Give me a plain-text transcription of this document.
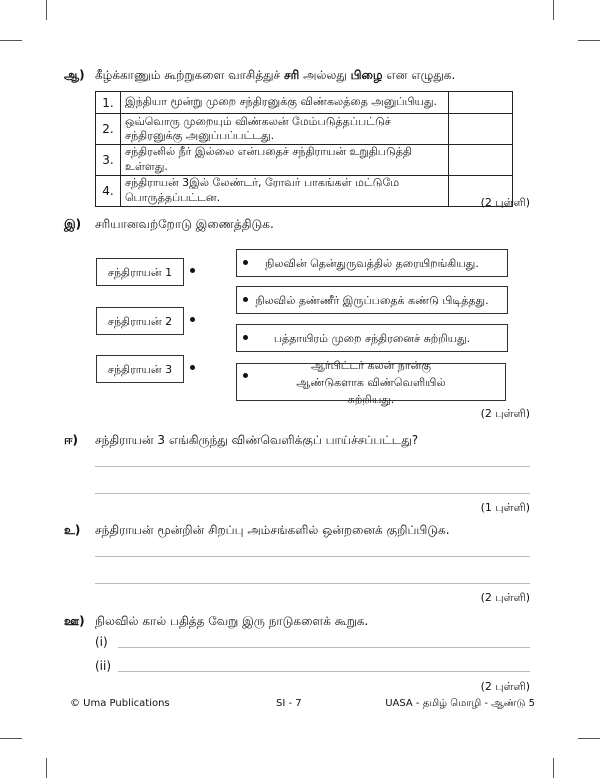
ஆ) கீழ்க்காணும் கூற்றுகளை வாசித்துச் சரி அல்லது பிழை என எழுதுக.
1.	இந்தியா மூன்று முறை சந்திரனுக்கு விண்கலத்தை அனுப்பியது.	
2.	ஒவ்வொரு முறையும் விண்கலன் மேம்படுத்தப்பட்டுச் சந்திரனுக்கு அனுப்பப்பட்டது.	
3.	சந்திரனில் நீர் இல்லை என்பதைச் சந்திராயன் உறுதிபடுத்தி உள்ளது.	
4.	சந்திராயன் 3இல் லேண்டர், ரோவர் பாகங்கள் மட்டுமே பொருத்தப்பட்டன.		(2 புள்ளி)
இ) சரியானவற்றோடு இணைத்திடுக.
சந்திராயன் 1
சந்திராயன் 2
சந்திராயன் 3
நிலவின் தென்துருவத்தில் தரையிறங்கியது.
நிலவில் தண்ணீர் இருப்பதைக் கண்டு பிடித்தது.
பத்தாயிரம் முறை சந்திரனைச் சுற்றியது.
ஆர்பிட்டர் கலன் நான்கு ஆண்டுகளாக விண்வெளியில் சுற்றியது.
(2 புள்ளி)
ஈ) சந்திராயன் 3 எங்கிருந்து விண்வெளிக்குப் பாய்ச்சப்பட்டது?
(1 புள்ளி)
உ) சந்திராயன் மூன்றின் சிறப்பு அம்சங்களில் ஒன்றனைக் குறிப்பிடுக.
(2 புள்ளி)
ஊ) நிலவில் கால் பதித்த வேறு இரு நாடுகளைக் கூறுக.
(i)
(ii)
(2 புள்ளி)
© Uma Publications	SI - 7	UASA - தமிழ் மொழி - ஆண்டு 5
